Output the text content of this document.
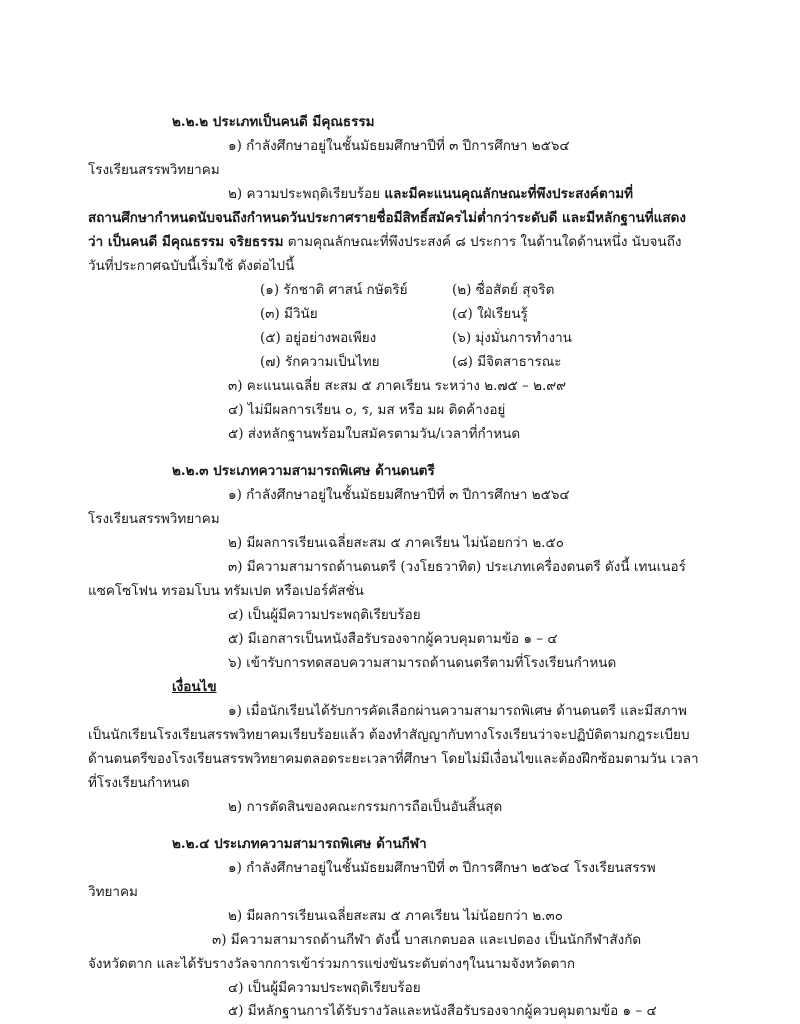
๒.๒.๒ ประเภทเป็นคนดี มีคุณธรรม
๑) กำลังศึกษาอยู่ในชั้นมัธยมศึกษาปีที่ ๓ ปีการศึกษา ๒๕๖๔
โรงเรียนสรรพวิทยาคม
๒) ความประพฤติเรียบร้อย และมีคะแนนคุณลักษณะที่พึงประสงค์ตามที่
สถานศึกษากำหนดนับจนถึงกำหนดวันประกาศรายชื่อมีสิทธิ์สมัครไม่ต่ำกว่าระดับดี และมีหลักฐานที่แสดง
ว่า เป็นคนดี มีคุณธรรม จริยธรรม ตามคุณลักษณะที่พึงประสงค์ ๘ ประการ ในด้านใดด้านหนึ่ง นับจนถึง
วันที่ประกาศฉบับนี้เริ่มใช้ ดังต่อไปนี้
(๑) รักชาติ ศาสน์ กษัตริย์	(๒) ซื่อสัตย์ สุจริต
(๓) มีวินัย	(๔) ใฝ่เรียนรู้
(๕) อยู่อย่างพอเพียง	(๖) มุ่งมั่นการทำงาน
(๗) รักความเป็นไทย	(๘) มีจิตสาธารณะ
๓) คะแนนเฉลี่ย สะสม ๕ ภาคเรียน ระหว่าง ๒.๗๕ – ๒.๙๙
๔) ไม่มีผลการเรียน ๐, ร, มส หรือ มผ ติดค้างอยู่
๕) ส่งหลักฐานพร้อมใบสมัครตามวัน/เวลาที่กำหนด
๒.๒.๓ ประเภทความสามารถพิเศษ ด้านดนตรี
๑) กำลังศึกษาอยู่ในชั้นมัธยมศึกษาปีที่ ๓ ปีการศึกษา ๒๕๖๔
โรงเรียนสรรพวิทยาคม
๒) มีผลการเรียนเฉลี่ยสะสม ๕ ภาคเรียน ไม่น้อยกว่า ๒.๕๐
๓) มีความสามารถด้านดนตรี (วงโยธวาทิต) ประเภทเครื่องดนตรี ดังนี้ เทนเนอร์
แซคโซโฟน ทรอมโบน ทรัมเปต หรือเปอร์คัสชั่น
๔) เป็นผู้มีความประพฤติเรียบร้อย
๕) มีเอกสารเป็นหนังสือรับรองจากผู้ควบคุมตามข้อ ๑ – ๔
๖) เข้ารับการทดสอบความสามารถด้านดนตรีตามที่โรงเรียนกำหนด
เงื่อนไข
๑) เมื่อนักเรียนได้รับการคัดเลือกผ่านความสามารถพิเศษ ด้านดนตรี และมีสภาพ
เป็นนักเรียนโรงเรียนสรรพวิทยาคมเรียบร้อยแล้ว ต้องทำสัญญากับทางโรงเรียนว่าจะปฏิบัติตามกฎระเบียบ
ด้านดนตรีของโรงเรียนสรรพวิทยาคมตลอดระยะเวลาที่ศึกษา โดยไม่มีเงื่อนไขและต้องฝึกซ้อมตามวัน เวลา
ที่โรงเรียนกำหนด
๒) การตัดสินของคณะกรรมการถือเป็นอันสิ้นสุด
๒.๒.๔ ประเภทความสามารถพิเศษ ด้านกีฬา
๑) กำลังศึกษาอยู่ในชั้นมัธยมศึกษาปีที่ ๓ ปีการศึกษา ๒๕๖๔ โรงเรียนสรรพ
วิทยาคม
๒) มีผลการเรียนเฉลี่ยสะสม ๕ ภาคเรียน ไม่น้อยกว่า ๒.๓๐
๓) มีความสามารถด้านกีฬา ดังนี้ บาสเกตบอล และเปตอง เป็นนักกีฬาสังกัด
จังหวัดตาก และได้รับรางวัลจากการเข้าร่วมการแข่งขันระดับต่างๆในนามจังหวัดตาก
๔) เป็นผู้มีความประพฤติเรียบร้อย
๕) มีหลักฐานการได้รับรางวัลและหนังสือรับรองจากผู้ควบคุมตามข้อ ๑ – ๔
